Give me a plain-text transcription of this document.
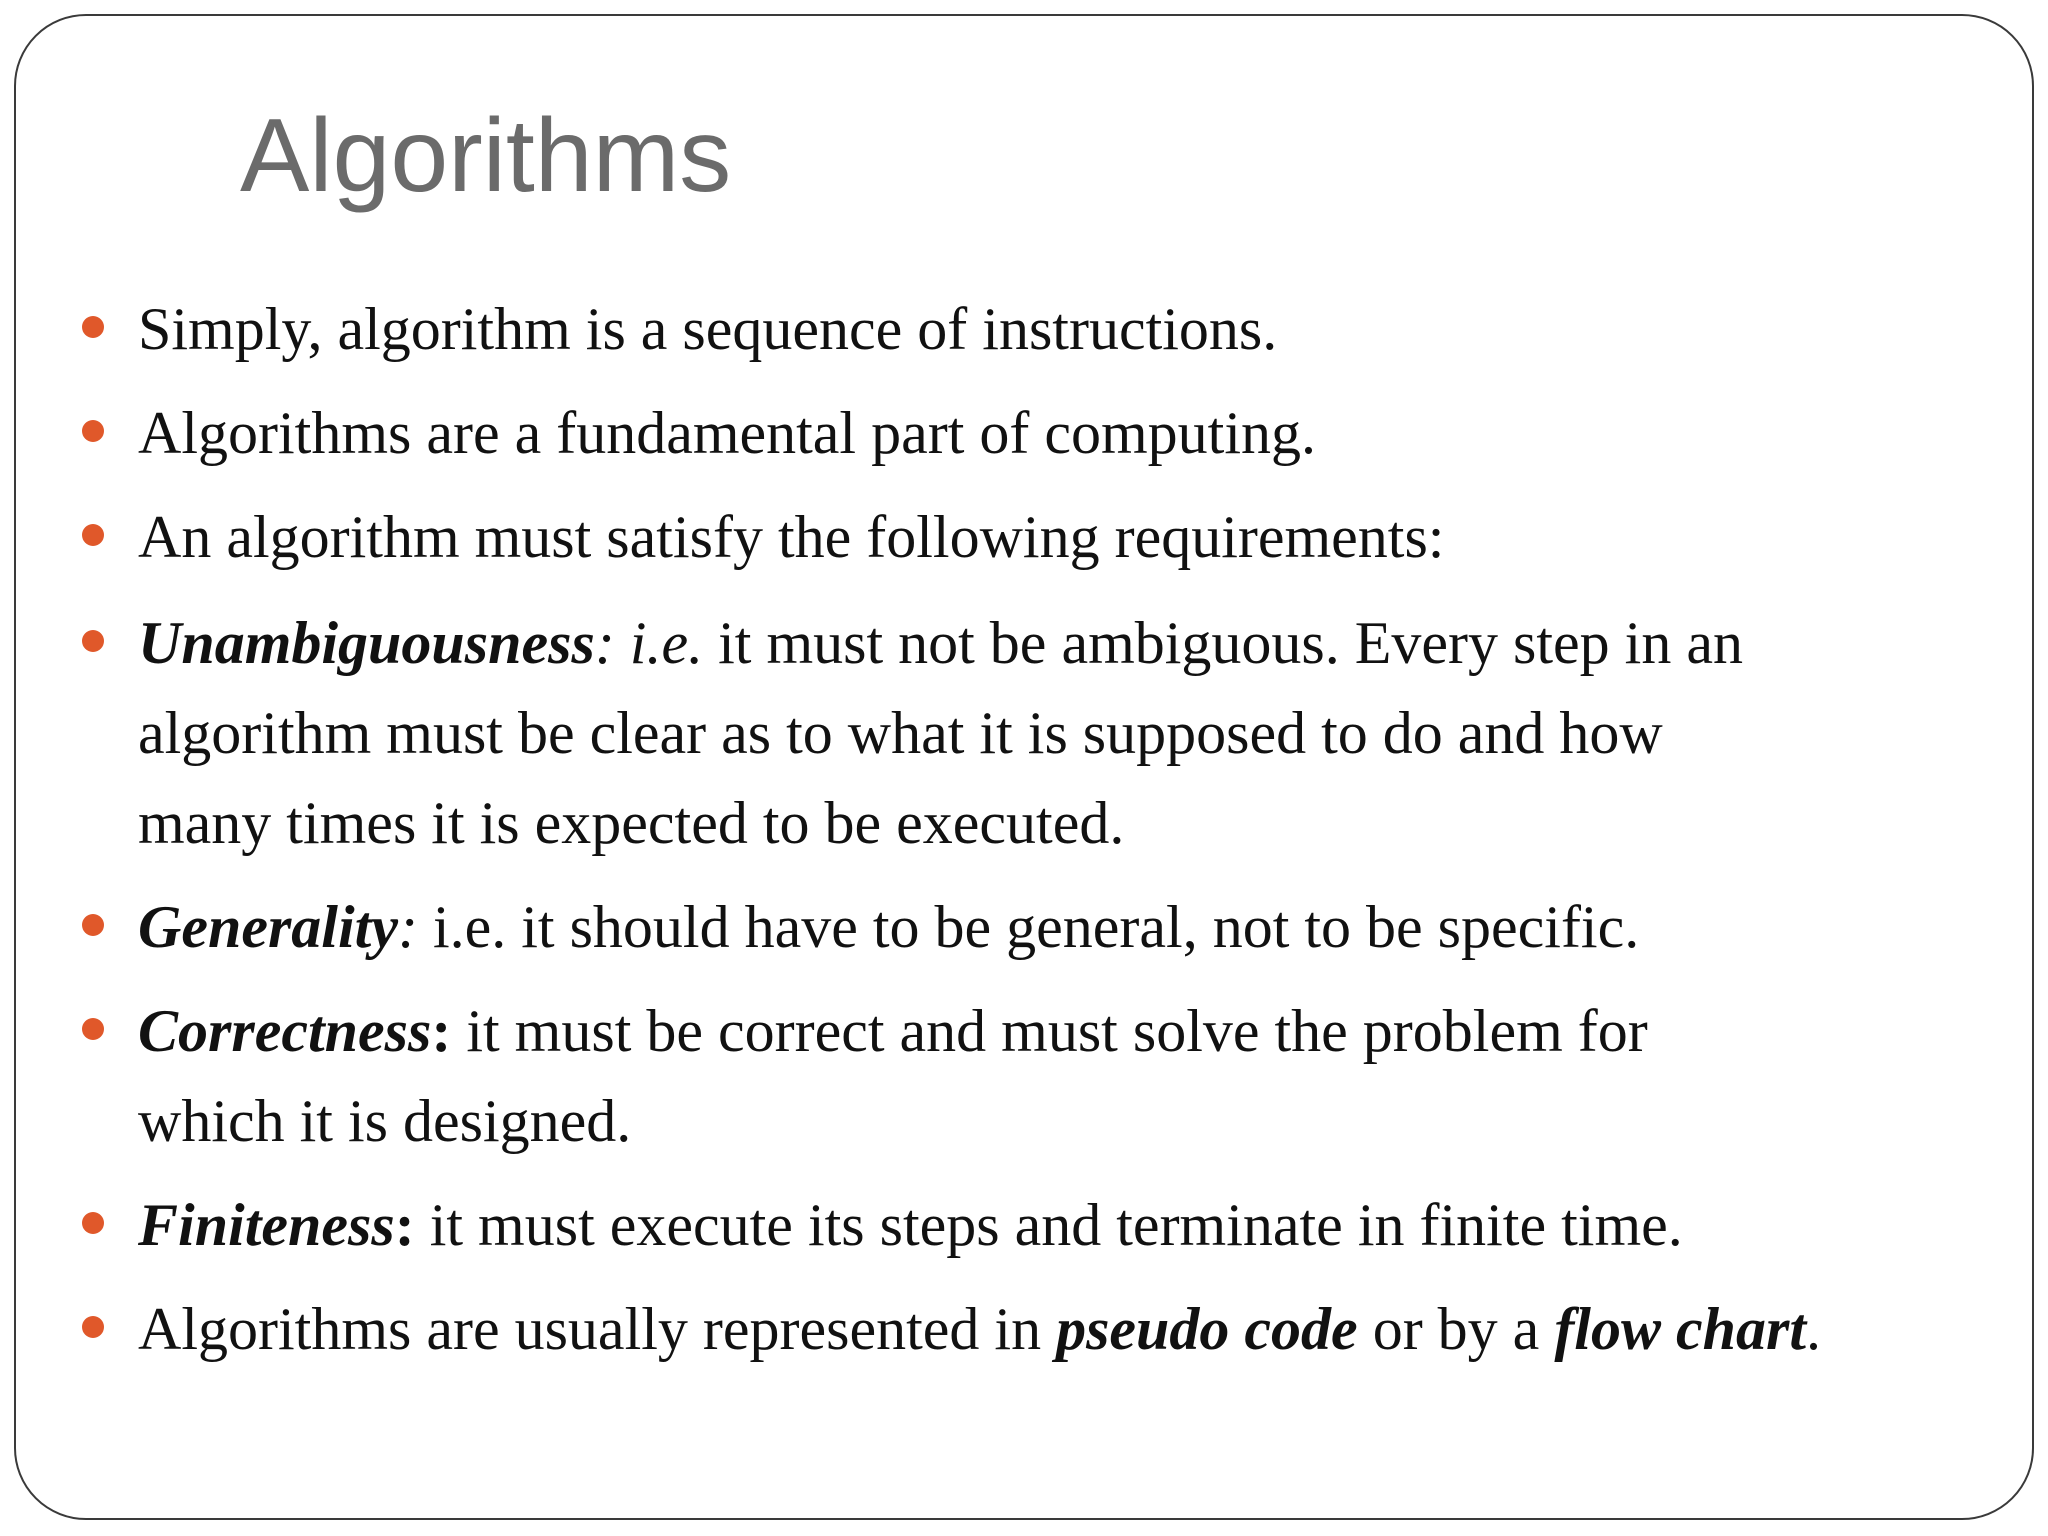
Algorithms
Simply, algorithm is a sequence of instructions.
Algorithms are a fundamental part of computing.
An algorithm must satisfy the following requirements:
Unambiguousness: i.e. it must not be ambiguous. Every step in an
algorithm must be clear as to what it is supposed to do and how
many times it is expected to be executed.
Generality: i.e. it should have to be general, not to be specific.
Correctness: it must be correct and must solve the problem for
which it is designed.
Finiteness: it must execute its steps and terminate in finite time.
Algorithms are usually represented in pseudo code or by a flow chart.
